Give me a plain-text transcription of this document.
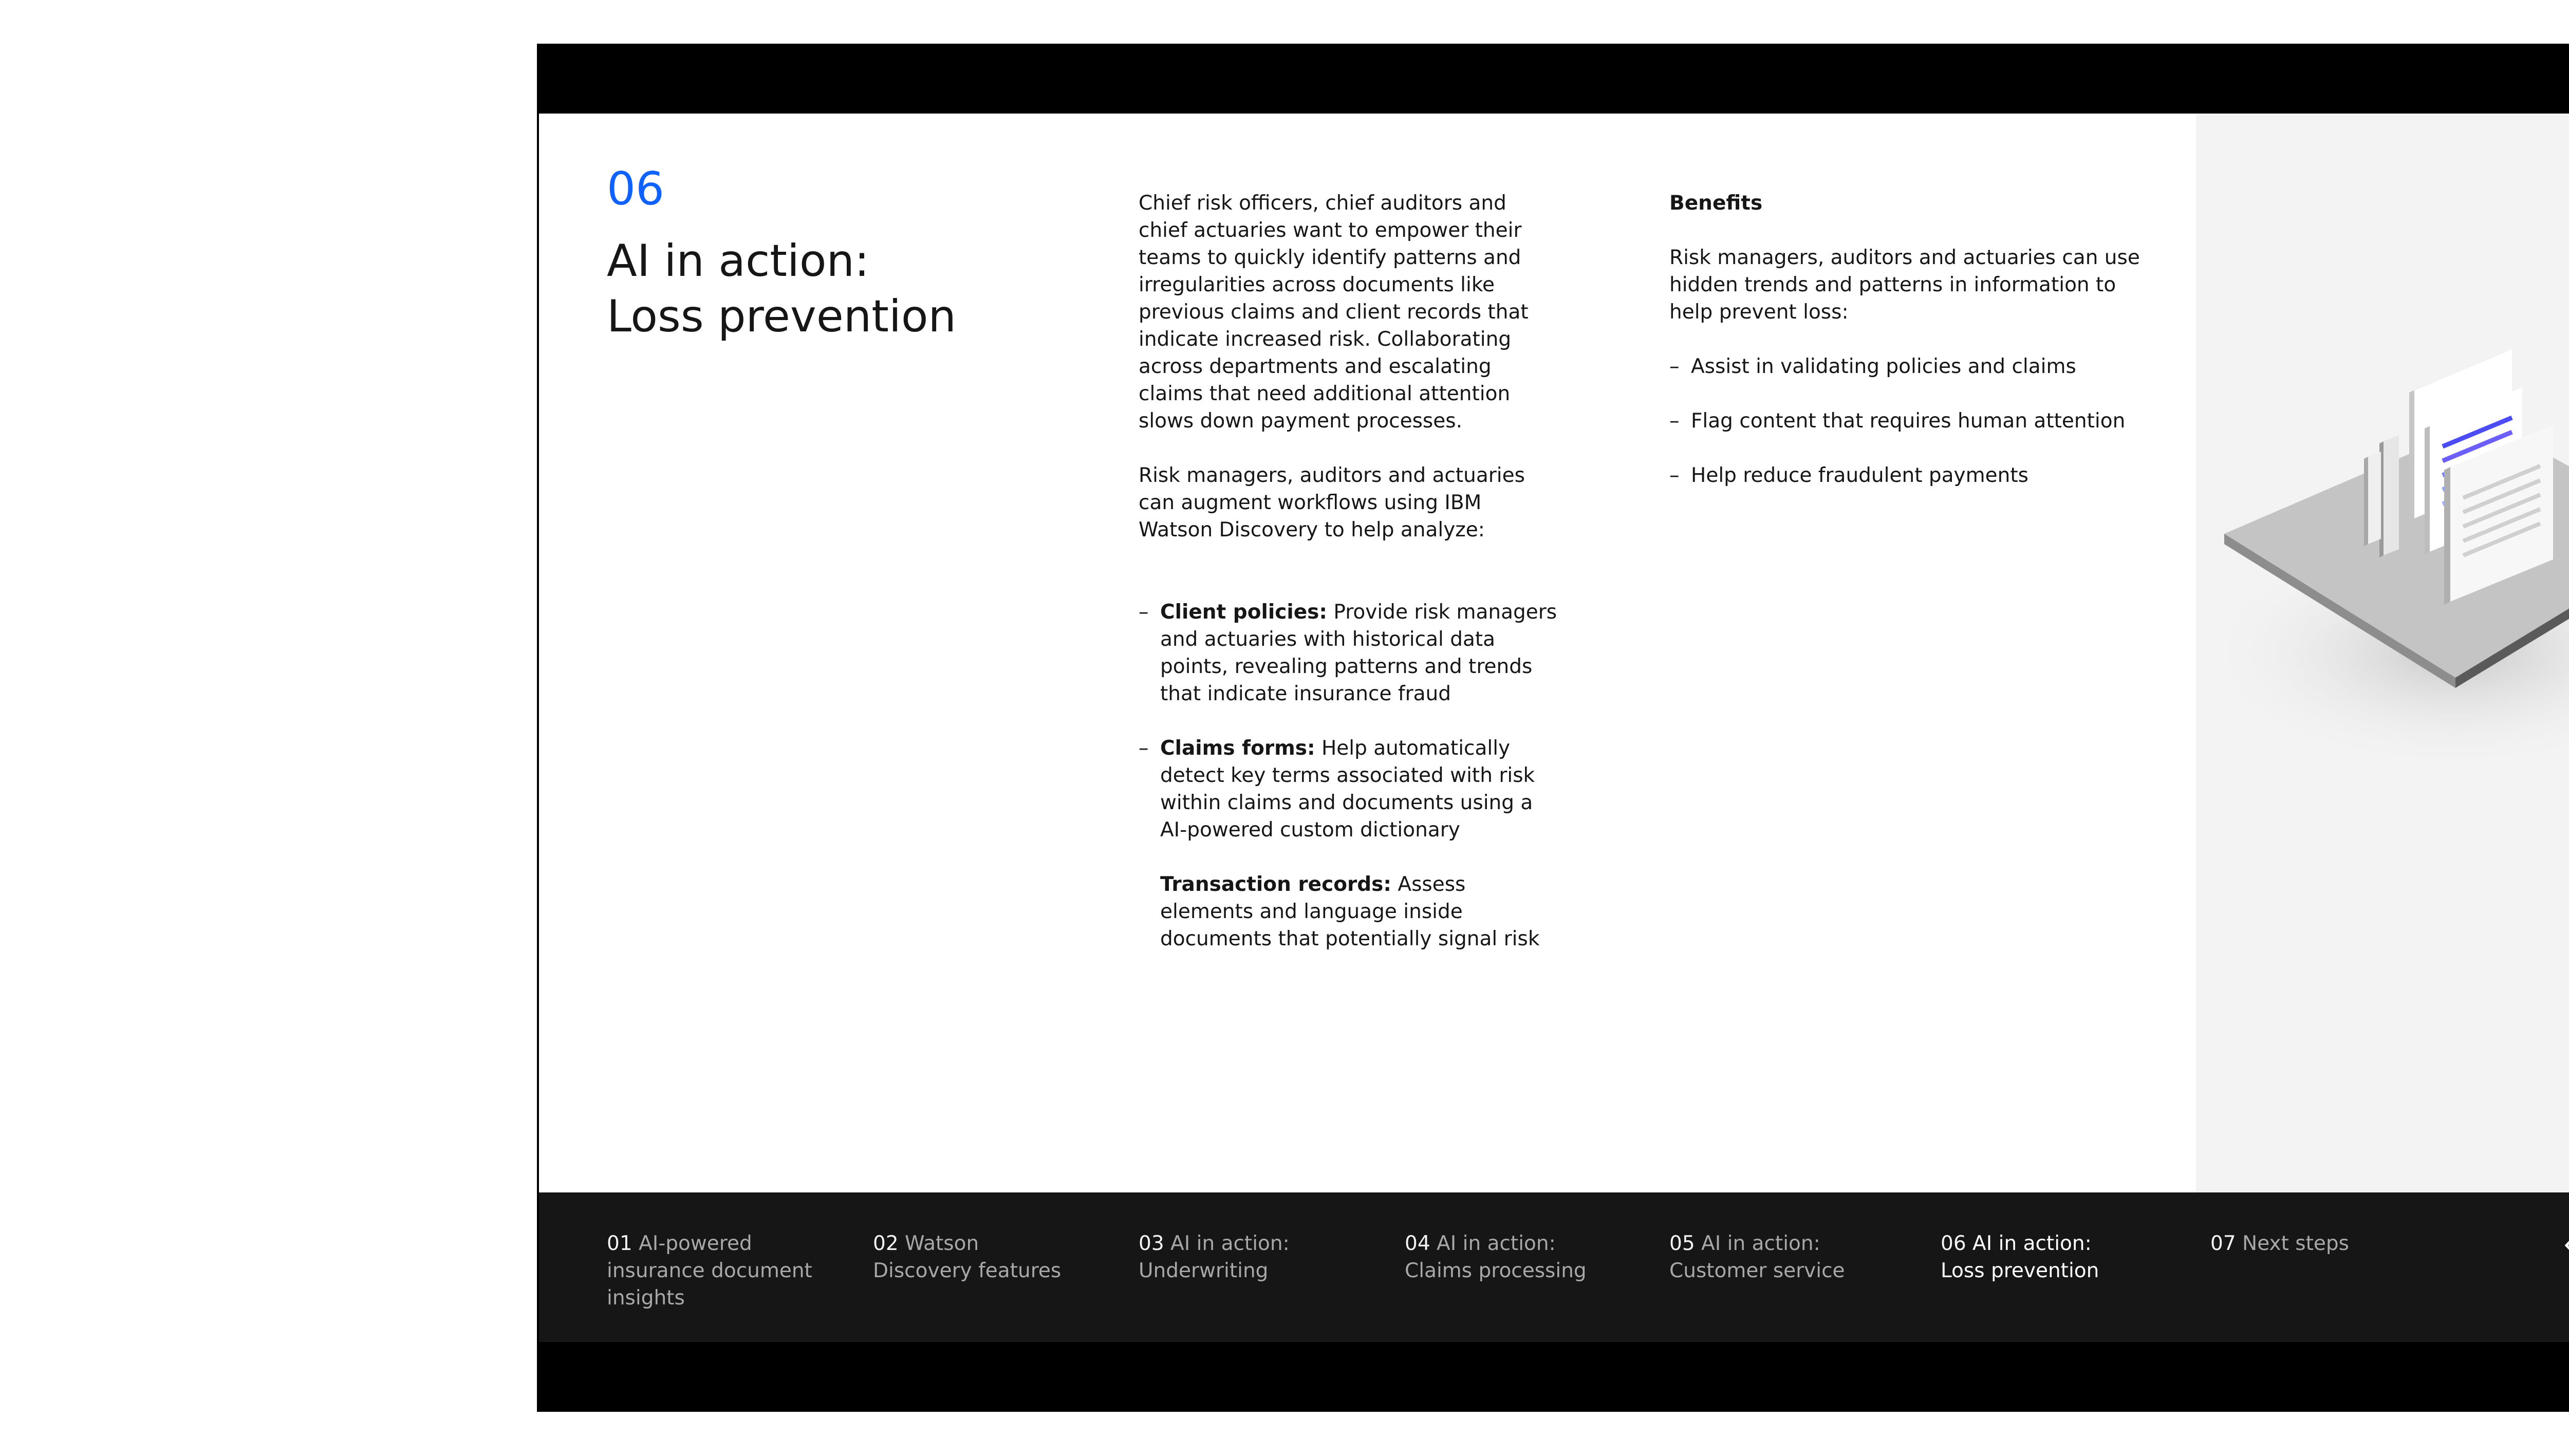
06
AI in action:
Loss prevention

Chief risk officers, chief auditors and chief actuaries want to empower their teams to quickly identify patterns and irregularities across documents like previous claims and client records that indicate increased risk. Collaborating across departments and escalating claims that need additional attention slows down payment processes.

Risk managers, auditors and actuaries can augment workflows using IBM Watson Discovery to help analyze:

– Client policies: Provide risk managers and actuaries with historical data points, revealing patterns and trends that indicate insurance fraud
– Claims forms: Help automatically detect key terms associated with risk within claims and documents using a AI-powered custom dictionary
Transaction records: Assess elements and language inside documents that potentially signal risk

Benefits

Risk managers, auditors and actuaries can use hidden trends and patterns in information to help prevent loss:

– Assist in validating policies and claims
– Flag content that requires human attention
– Help reduce fraudulent payments
01 AI-powered
insurance document
insights
02 Watson
Discovery features
03 AI in action:
Underwriting
04 AI in action:
Claims processing
05 AI in action:
Customer service
06 AI in action:
Loss prevention
07 Next steps
